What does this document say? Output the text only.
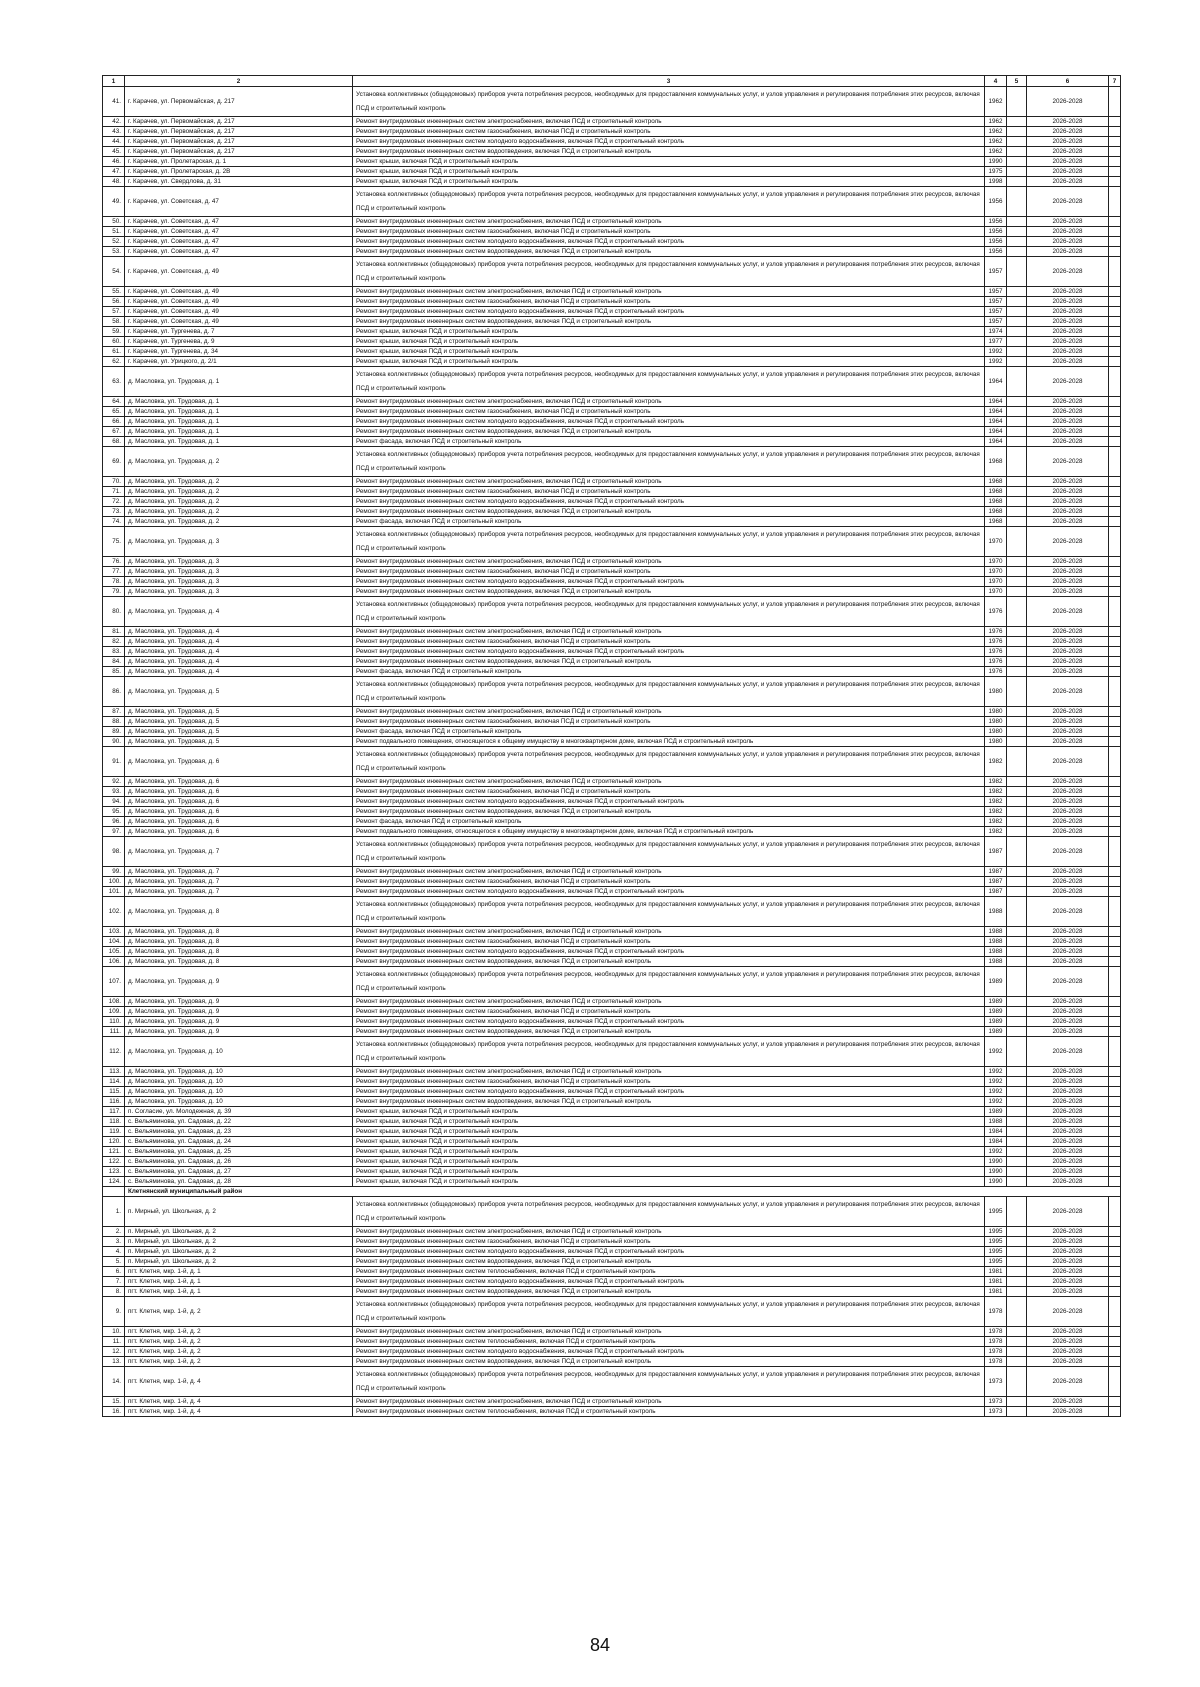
1	2	3	4	5	6	7
41.	г. Карачев, ул. Первомайская, д. 217	Установка коллективных (общедомовых) приборов учета потребления ресурсов, необходимых для предоставления коммунальных услуг, и узлов управления и регулирования потребления этих ресурсов, включая ПСД и строительный контроль	1962		2026-2028	
42.	г. Карачев, ул. Первомайская, д. 217	Ремонт внутридомовых инженерных систем электроснабжения, включая ПСД и строительный контроль	1962		2026-2028	
43.	г. Карачев, ул. Первомайская, д. 217	Ремонт внутридомовых инженерных систем газоснабжения, включая ПСД и строительный контроль	1962		2026-2028	
44.	г. Карачев, ул. Первомайская, д. 217	Ремонт внутридомовых инженерных систем холодного водоснабжения, включая ПСД и строительный контроль	1962		2026-2028	
45.	г. Карачев, ул. Первомайская, д. 217	Ремонт внутридомовых инженерных систем водоотведения, включая ПСД и строительный контроль	1962		2026-2028	
46.	г. Карачев, ул. Пролетарская, д. 1	Ремонт крыши, включая ПСД и строительный контроль	1990		2026-2028	
47.	г. Карачев, ул. Пролетарская, д. 2В	Ремонт крыши, включая ПСД и строительный контроль	1975		2026-2028	
48.	г. Карачев, ул. Свердлова, д. 31	Ремонт крыши, включая ПСД и строительный контроль	1998		2026-2028	
49.	г. Карачев, ул. Советская, д. 47	Установка коллективных (общедомовых) приборов учета потребления ресурсов, необходимых для предоставления коммунальных услуг, и узлов управления и регулирования потребления этих ресурсов, включая ПСД и строительный контроль	1956		2026-2028	
50.	г. Карачев, ул. Советская, д. 47	Ремонт внутридомовых инженерных систем электроснабжения, включая ПСД и строительный контроль	1956		2026-2028	
51.	г. Карачев, ул. Советская, д. 47	Ремонт внутридомовых инженерных систем газоснабжения, включая ПСД и строительный контроль	1956		2026-2028	
52.	г. Карачев, ул. Советская, д. 47	Ремонт внутридомовых инженерных систем холодного водоснабжения, включая ПСД и строительный контроль	1956		2026-2028	
53.	г. Карачев, ул. Советская, д. 47	Ремонт внутридомовых инженерных систем водоотведения, включая ПСД и строительный контроль	1956		2026-2028	
54.	г. Карачев, ул. Советская, д. 49	Установка коллективных (общедомовых) приборов учета потребления ресурсов, необходимых для предоставления коммунальных услуг, и узлов управления и регулирования потребления этих ресурсов, включая ПСД и строительный контроль	1957		2026-2028	
55.	г. Карачев, ул. Советская, д. 49	Ремонт внутридомовых инженерных систем электроснабжения, включая ПСД и строительный контроль	1957		2026-2028	
56.	г. Карачев, ул. Советская, д. 49	Ремонт внутридомовых инженерных систем газоснабжения, включая ПСД и строительный контроль	1957		2026-2028	
57.	г. Карачев, ул. Советская, д. 49	Ремонт внутридомовых инженерных систем холодного водоснабжения, включая ПСД и строительный контроль	1957		2026-2028	
58.	г. Карачев, ул. Советская, д. 49	Ремонт внутридомовых инженерных систем водоотведения, включая ПСД и строительный контроль	1957		2026-2028	
59.	г. Карачев, ул. Тургенева, д. 7	Ремонт крыши, включая ПСД и строительный контроль	1974		2026-2028	
60.	г. Карачев, ул. Тургенева, д. 9	Ремонт крыши, включая ПСД и строительный контроль	1977		2026-2028	
61.	г. Карачев, ул. Тургенева, д. 34	Ремонт крыши, включая ПСД и строительный контроль	1992		2026-2028	
62.	г. Карачев, ул. Урицкого, д. 2/1	Ремонт крыши, включая ПСД и строительный контроль	1992		2026-2028	
63.	д. Масловка, ул. Трудовая, д. 1	Установка коллективных (общедомовых) приборов учета потребления ресурсов, необходимых для предоставления коммунальных услуг, и узлов управления и регулирования потребления этих ресурсов, включая ПСД и строительный контроль	1964		2026-2028	
64.	д. Масловка, ул. Трудовая, д. 1	Ремонт внутридомовых инженерных систем электроснабжения, включая ПСД и строительный контроль	1964		2026-2028	
65.	д. Масловка, ул. Трудовая, д. 1	Ремонт внутридомовых инженерных систем газоснабжения, включая ПСД и строительный контроль	1964		2026-2028	
66.	д. Масловка, ул. Трудовая, д. 1	Ремонт внутридомовых инженерных систем холодного водоснабжения, включая ПСД и строительный контроль	1964		2026-2028	
67.	д. Масловка, ул. Трудовая, д. 1	Ремонт внутридомовых инженерных систем водоотведения, включая ПСД и строительный контроль	1964		2026-2028	
68.	д. Масловка, ул. Трудовая, д. 1	Ремонт фасада, включая ПСД и строительный контроль	1964		2026-2028	
69.	д. Масловка, ул. Трудовая, д. 2	Установка коллективных (общедомовых) приборов учета потребления ресурсов, необходимых для предоставления коммунальных услуг, и узлов управления и регулирования потребления этих ресурсов, включая ПСД и строительный контроль	1968		2026-2028	
70.	д. Масловка, ул. Трудовая, д. 2	Ремонт внутридомовых инженерных систем электроснабжения, включая ПСД и строительный контроль	1968		2026-2028	
71.	д. Масловка, ул. Трудовая, д. 2	Ремонт внутридомовых инженерных систем газоснабжения, включая ПСД и строительный контроль	1968		2026-2028	
72.	д. Масловка, ул. Трудовая, д. 2	Ремонт внутридомовых инженерных систем холодного водоснабжения, включая ПСД и строительный контроль	1968		2026-2028	
73.	д. Масловка, ул. Трудовая, д. 2	Ремонт внутридомовых инженерных систем водоотведения, включая ПСД и строительный контроль	1968		2026-2028	
74.	д. Масловка, ул. Трудовая, д. 2	Ремонт фасада, включая ПСД и строительный контроль	1968		2026-2028	
75.	д. Масловка, ул. Трудовая, д. 3	Установка коллективных (общедомовых) приборов учета потребления ресурсов, необходимых для предоставления коммунальных услуг, и узлов управления и регулирования потребления этих ресурсов, включая ПСД и строительный контроль	1970		2026-2028	
76.	д. Масловка, ул. Трудовая, д. 3	Ремонт внутридомовых инженерных систем электроснабжения, включая ПСД и строительный контроль	1970		2026-2028	
77.	д. Масловка, ул. Трудовая, д. 3	Ремонт внутридомовых инженерных систем газоснабжения, включая ПСД и строительный контроль	1970		2026-2028	
78.	д. Масловка, ул. Трудовая, д. 3	Ремонт внутридомовых инженерных систем холодного водоснабжения, включая ПСД и строительный контроль	1970		2026-2028	
79.	д. Масловка, ул. Трудовая, д. 3	Ремонт внутридомовых инженерных систем водоотведения, включая ПСД и строительный контроль	1970		2026-2028	
80.	д. Масловка, ул. Трудовая, д. 4	Установка коллективных (общедомовых) приборов учета потребления ресурсов, необходимых для предоставления коммунальных услуг, и узлов управления и регулирования потребления этих ресурсов, включая ПСД и строительный контроль	1976		2026-2028	
81.	д. Масловка, ул. Трудовая, д. 4	Ремонт внутридомовых инженерных систем электроснабжения, включая ПСД и строительный контроль	1976		2026-2028	
82.	д. Масловка, ул. Трудовая, д. 4	Ремонт внутридомовых инженерных систем газоснабжения, включая ПСД и строительный контроль	1976		2026-2028	
83.	д. Масловка, ул. Трудовая, д. 4	Ремонт внутридомовых инженерных систем холодного водоснабжения, включая ПСД и строительный контроль	1976		2026-2028	
84.	д. Масловка, ул. Трудовая, д. 4	Ремонт внутридомовых инженерных систем водоотведения, включая ПСД и строительный контроль	1976		2026-2028	
85.	д. Масловка, ул. Трудовая, д. 4	Ремонт фасада, включая ПСД и строительный контроль	1976		2026-2028	
86.	д. Масловка, ул. Трудовая, д. 5	Установка коллективных (общедомовых) приборов учета потребления ресурсов, необходимых для предоставления коммунальных услуг, и узлов управления и регулирования потребления этих ресурсов, включая ПСД и строительный контроль	1980		2026-2028	
87.	д. Масловка, ул. Трудовая, д. 5	Ремонт внутридомовых инженерных систем электроснабжения, включая ПСД и строительный контроль	1980		2026-2028	
88.	д. Масловка, ул. Трудовая, д. 5	Ремонт внутридомовых инженерных систем газоснабжения, включая ПСД и строительный контроль	1980		2026-2028	
89.	д. Масловка, ул. Трудовая, д. 5	Ремонт фасада, включая ПСД и строительный контроль	1980		2026-2028	
90.	д. Масловка, ул. Трудовая, д. 5	Ремонт подвального помещения, относящегося к общему имуществу в многоквартирном доме, включая ПСД и строительный контроль	1980		2026-2028	
91.	д. Масловка, ул. Трудовая, д. 6	Установка коллективных (общедомовых) приборов учета потребления ресурсов, необходимых для предоставления коммунальных услуг, и узлов управления и регулирования потребления этих ресурсов, включая ПСД и строительный контроль	1982		2026-2028	
92.	д. Масловка, ул. Трудовая, д. 6	Ремонт внутридомовых инженерных систем электроснабжения, включая ПСД и строительный контроль	1982		2026-2028	
93.	д. Масловка, ул. Трудовая, д. 6	Ремонт внутридомовых инженерных систем газоснабжения, включая ПСД и строительный контроль	1982		2026-2028	
94.	д. Масловка, ул. Трудовая, д. 6	Ремонт внутридомовых инженерных систем холодного водоснабжения, включая ПСД и строительный контроль	1982		2026-2028	
95.	д. Масловка, ул. Трудовая, д. 6	Ремонт внутридомовых инженерных систем водоотведения, включая ПСД и строительный контроль	1982		2026-2028	
96.	д. Масловка, ул. Трудовая, д. 6	Ремонт фасада, включая ПСД и строительный контроль	1982		2026-2028	
97.	д. Масловка, ул. Трудовая, д. 6	Ремонт подвального помещения, относящегося к общему имуществу в многоквартирном доме, включая ПСД и строительный контроль	1982		2026-2028	
98.	д. Масловка, ул. Трудовая, д. 7	Установка коллективных (общедомовых) приборов учета потребления ресурсов, необходимых для предоставления коммунальных услуг, и узлов управления и регулирования потребления этих ресурсов, включая ПСД и строительный контроль	1987		2026-2028	
99.	д. Масловка, ул. Трудовая, д. 7	Ремонт внутридомовых инженерных систем электроснабжения, включая ПСД и строительный контроль	1987		2026-2028	
100.	д. Масловка, ул. Трудовая, д. 7	Ремонт внутридомовых инженерных систем газоснабжения, включая ПСД и строительный контроль	1987		2026-2028	
101.	д. Масловка, ул. Трудовая, д. 7	Ремонт внутридомовых инженерных систем холодного водоснабжения, включая ПСД и строительный контроль	1987		2026-2028	
102.	д. Масловка, ул. Трудовая, д. 8	Установка коллективных (общедомовых) приборов учета потребления ресурсов, необходимых для предоставления коммунальных услуг, и узлов управления и регулирования потребления этих ресурсов, включая ПСД и строительный контроль	1988		2026-2028	
103.	д. Масловка, ул. Трудовая, д. 8	Ремонт внутридомовых инженерных систем электроснабжения, включая ПСД и строительный контроль	1988		2026-2028	
104.	д. Масловка, ул. Трудовая, д. 8	Ремонт внутридомовых инженерных систем газоснабжения, включая ПСД и строительный контроль	1988		2026-2028	
105.	д. Масловка, ул. Трудовая, д. 8	Ремонт внутридомовых инженерных систем холодного водоснабжения, включая ПСД и строительный контроль	1988		2026-2028	
106.	д. Масловка, ул. Трудовая, д. 8	Ремонт внутридомовых инженерных систем водоотведения, включая ПСД и строительный контроль	1988		2026-2028	
107.	д. Масловка, ул. Трудовая, д. 9	Установка коллективных (общедомовых) приборов учета потребления ресурсов, необходимых для предоставления коммунальных услуг, и узлов управления и регулирования потребления этих ресурсов, включая ПСД и строительный контроль	1989		2026-2028	
108.	д. Масловка, ул. Трудовая, д. 9	Ремонт внутридомовых инженерных систем электроснабжения, включая ПСД и строительный контроль	1989		2026-2028	
109.	д. Масловка, ул. Трудовая, д. 9	Ремонт внутридомовых инженерных систем газоснабжения, включая ПСД и строительный контроль	1989		2026-2028	
110.	д. Масловка, ул. Трудовая, д. 9	Ремонт внутридомовых инженерных систем холодного водоснабжения, включая ПСД и строительный контроль	1989		2026-2028	
111.	д. Масловка, ул. Трудовая, д. 9	Ремонт внутридомовых инженерных систем водоотведения, включая ПСД и строительный контроль	1989		2026-2028	
112.	д. Масловка, ул. Трудовая, д. 10	Установка коллективных (общедомовых) приборов учета потребления ресурсов, необходимых для предоставления коммунальных услуг, и узлов управления и регулирования потребления этих ресурсов, включая ПСД и строительный контроль	1992		2026-2028	
113.	д. Масловка, ул. Трудовая, д. 10	Ремонт внутридомовых инженерных систем электроснабжения, включая ПСД и строительный контроль	1992		2026-2028	
114.	д. Масловка, ул. Трудовая, д. 10	Ремонт внутридомовых инженерных систем газоснабжения, включая ПСД и строительный контроль	1992		2026-2028	
115.	д. Масловка, ул. Трудовая, д. 10	Ремонт внутридомовых инженерных систем холодного водоснабжения, включая ПСД и строительный контроль	1992		2026-2028	
116.	д. Масловка, ул. Трудовая, д. 10	Ремонт внутридомовых инженерных систем водоотведения, включая ПСД и строительный контроль	1992		2026-2028	
117.	п. Согласие, ул. Молодежная, д. 39	Ремонт крыши, включая ПСД и строительный контроль	1989		2026-2028	
118.	с. Вельяминова, ул. Садовая, д. 22	Ремонт крыши, включая ПСД и строительный контроль	1988		2026-2028	
119.	с. Вельяминова, ул. Садовая, д. 23	Ремонт крыши, включая ПСД и строительный контроль	1984		2026-2028	
120.	с. Вельяминова, ул. Садовая, д. 24	Ремонт крыши, включая ПСД и строительный контроль	1984		2026-2028	
121.	с. Вельяминова, ул. Садовая, д. 25	Ремонт крыши, включая ПСД и строительный контроль	1992		2026-2028	
122.	с. Вельяминова, ул. Садовая, д. 26	Ремонт крыши, включая ПСД и строительный контроль	1990		2026-2028	
123.	с. Вельяминова, ул. Садовая, д. 27	Ремонт крыши, включая ПСД и строительный контроль	1990		2026-2028	
124.	с. Вельяминова, ул. Садовая, д. 28	Ремонт крыши, включая ПСД и строительный контроль	1990		2026-2028	
	Клетнянский муниципальный район					
1.	п. Мирный, ул. Школьная, д. 2	Установка коллективных (общедомовых) приборов учета потребления ресурсов, необходимых для предоставления коммунальных услуг, и узлов управления и регулирования потребления этих ресурсов, включая ПСД и строительный контроль	1995		2026-2028	
2.	п. Мирный, ул. Школьная, д. 2	Ремонт внутридомовых инженерных систем электроснабжения, включая ПСД и строительный контроль	1995		2026-2028	
3.	п. Мирный, ул. Школьная, д. 2	Ремонт внутридомовых инженерных систем газоснабжения, включая ПСД и строительный контроль	1995		2026-2028	
4.	п. Мирный, ул. Школьная, д. 2	Ремонт внутридомовых инженерных систем холодного водоснабжения, включая ПСД и строительный контроль	1995		2026-2028	
5.	п. Мирный, ул. Школьная, д. 2	Ремонт внутридомовых инженерных систем водоотведения, включая ПСД и строительный контроль	1995		2026-2028	
6.	пгт. Клетня, мкр. 1-й, д. 1	Ремонт внутридомовых инженерных систем теплоснабжения, включая ПСД и строительный контроль	1981		2026-2028	
7.	пгт. Клетня, мкр. 1-й, д. 1	Ремонт внутридомовых инженерных систем холодного водоснабжения, включая ПСД и строительный контроль	1981		2026-2028	
8.	пгт. Клетня, мкр. 1-й, д. 1	Ремонт внутридомовых инженерных систем водоотведения, включая ПСД и строительный контроль	1981		2026-2028	
9.	пгт. Клетня, мкр. 1-й, д. 2	Установка коллективных (общедомовых) приборов учета потребления ресурсов, необходимых для предоставления коммунальных услуг, и узлов управления и регулирования потребления этих ресурсов, включая ПСД и строительный контроль	1978		2026-2028	
10.	пгт. Клетня, мкр. 1-й, д. 2	Ремонт внутридомовых инженерных систем электроснабжения, включая ПСД и строительный контроль	1978		2026-2028	
11.	пгт. Клетня, мкр. 1-й, д. 2	Ремонт внутридомовых инженерных систем теплоснабжения, включая ПСД и строительный контроль	1978		2026-2028	
12.	пгт. Клетня, мкр. 1-й, д. 2	Ремонт внутридомовых инженерных систем холодного водоснабжения, включая ПСД и строительный контроль	1978		2026-2028	
13.	пгт. Клетня, мкр. 1-й, д. 2	Ремонт внутридомовых инженерных систем водоотведения, включая ПСД и строительный контроль	1978		2026-2028	
14.	пгт. Клетня, мкр. 1-й, д. 4	Установка коллективных (общедомовых) приборов учета потребления ресурсов, необходимых для предоставления коммунальных услуг, и узлов управления и регулирования потребления этих ресурсов, включая ПСД и строительный контроль	1973		2026-2028	
15.	пгт. Клетня, мкр. 1-й, д. 4	Ремонт внутридомовых инженерных систем электроснабжения, включая ПСД и строительный контроль	1973		2026-2028	
16.	пгт. Клетня, мкр. 1-й, д. 4	Ремонт внутридомовых инженерных систем теплоснабжения, включая ПСД и строительный контроль	1973		2026-2028	
84
